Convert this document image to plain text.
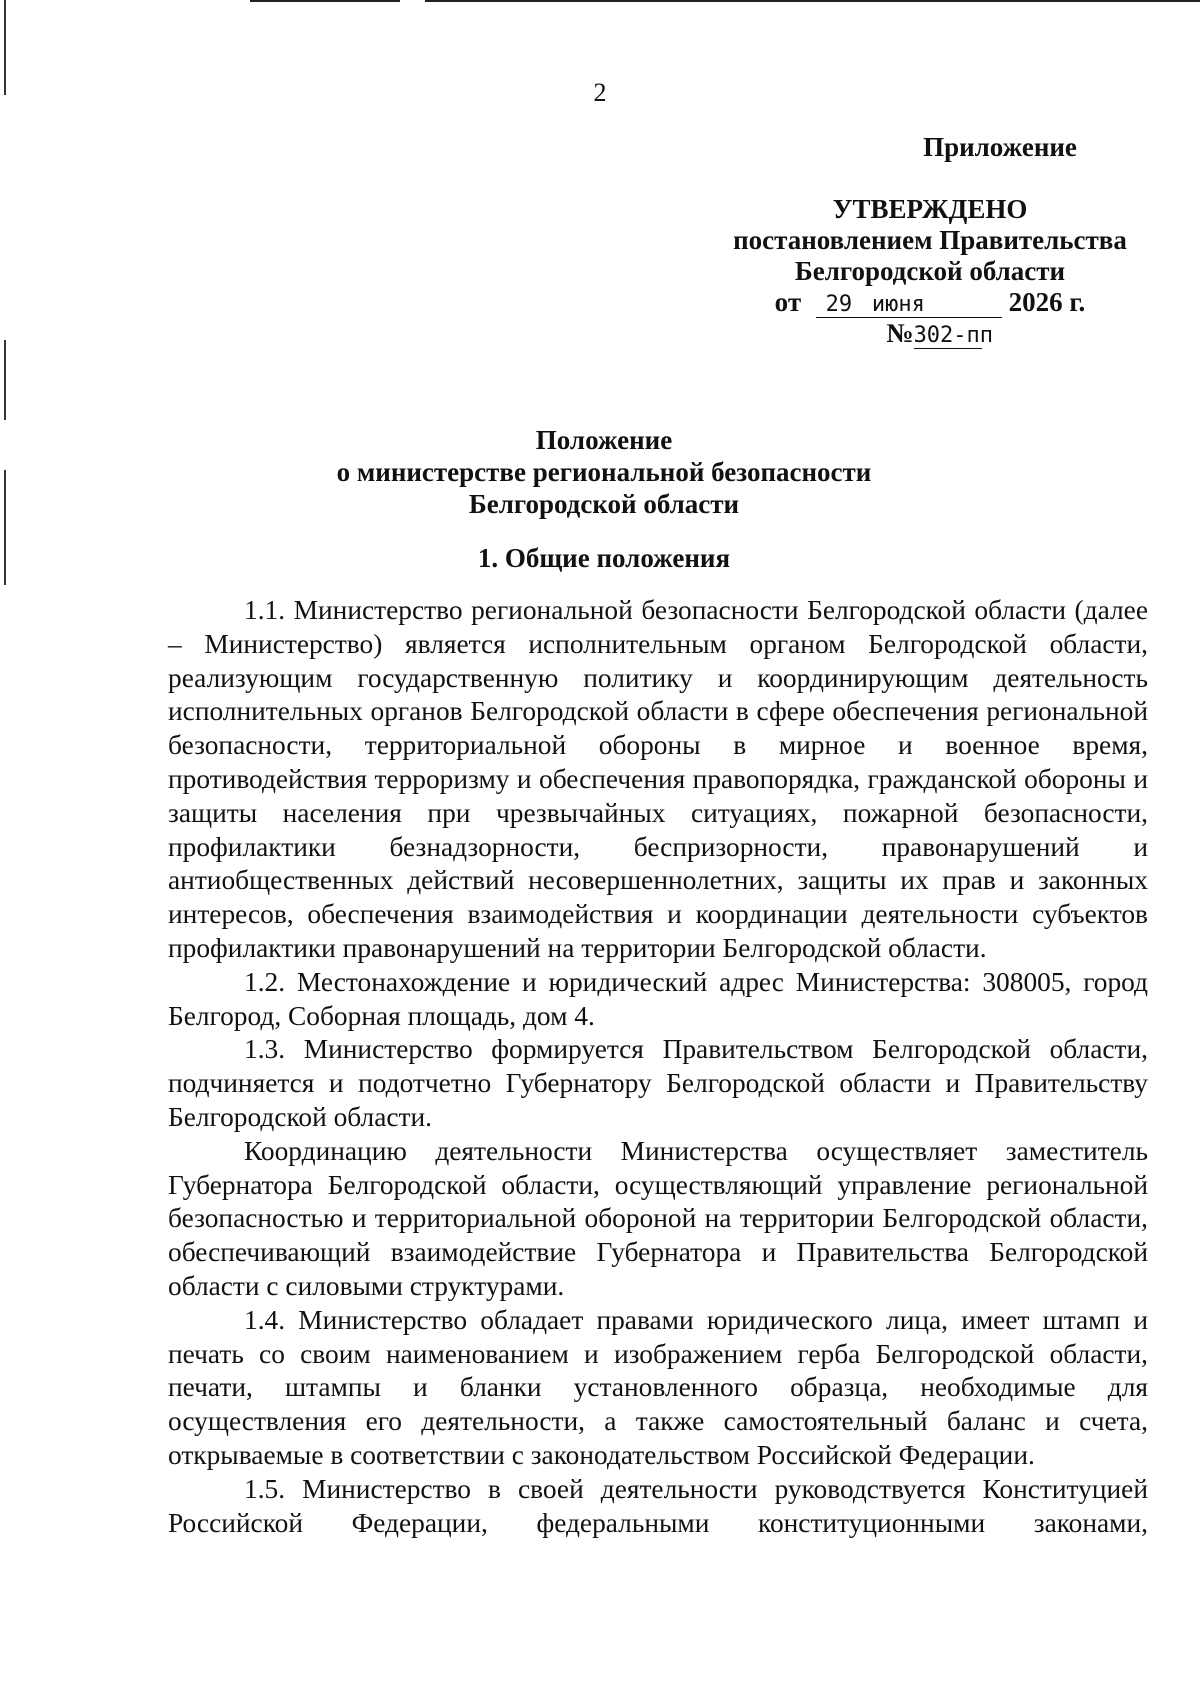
2
Приложение
УТВЕРЖДЕНО
постановлением Правительства
Белгородской области
от 29 июня	2026 г.
№302-пп
Положение
о министерстве региональной безопасности
Белгородской области
1. Общие положения

1.1. Министерство региональной безопасности Белгородской области (далее – Министерство) является исполнительным органом Белгородской области, реализующим государственную политику и координирующим деятельность исполнительных органов Белгородской области в сфере обеспечения региональной безопасности, территориальной обороны в мирное и военное время, противодействия терроризму и обеспечения правопорядка, гражданской обороны и защиты населения при чрезвычайных ситуациях, пожарной безопасности, профилактики безнадзорности, беспризорности, правонарушений и антиобщественных действий несовершеннолетних, защиты их прав и законных интересов, обеспечения взаимодействия и координации деятельности субъектов профилактики правонарушений на территории Белгородской области.

1.2. Местонахождение и юридический адрес Министерства: 308005, город Белгород, Соборная площадь, дом 4.

1.3. Министерство формируется Правительством Белгородской области, подчиняется и подотчетно Губернатору Белгородской области и Правительству Белгородской области.

Координацию деятельности Министерства осуществляет заместитель Губернатора Белгородской области, осуществляющий управление региональной безопасностью и территориальной обороной на территории Белгородской области, обеспечивающий взаимодействие Губернатора и Правительства Белгородской области с силовыми структурами.

1.4. Министерство обладает правами юридического лица, имеет штамп и печать со своим наименованием и изображением герба Белгородской области, печати, штампы и бланки установленного образца, необходимые для осуществления его деятельности, а также самостоятельный баланс и счета, открываемые в соответствии с законодательством Российской Федерации.

1.5. Министерство в своей деятельности руководствуется Конституцией Российской Федерации, федеральными конституционными законами,
